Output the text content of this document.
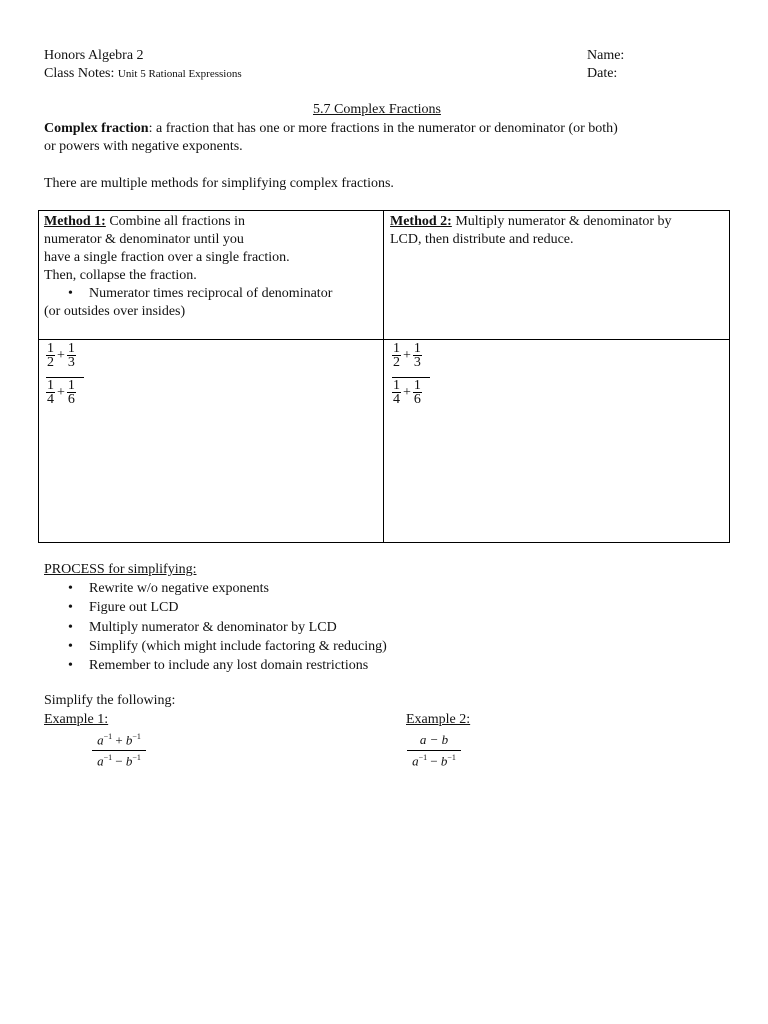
Honors Algebra 2
Class Notes: Unit 5 Rational Expressions
Name:
Date:
5.7 Complex Fractions
Complex fraction: a fraction that has one or more fractions in the numerator or denominator (or both)
or powers with negative exponents.
There are multiple methods for simplifying complex fractions.
Method 1: Combine all fractions in
numerator & denominator until you
have a single fraction over a single fraction.
Then, collapse the fraction.
• Numerator times reciprocal of denominator
(or outsides over insides)
Method 2: Multiply numerator & denominator by
LCD, then distribute and reduce.
1
$2 + \frac{1}{3}$
1
$4 + \frac{1}{6}$
1
$2 + \frac{1}{3}$
1
$4 + \frac{1}{6}$
PROCESS for simplifying:
• Rewrite w/o negative exponents
• Figure out LCD
• Multiply numerator & denominator by LCD
• Simplify (which might include factoring & reducing)
• Remember to include any lost domain restrictions
Simplify the following:
Example 1:	Example 2:
$a^{-1} + b^{-1}$
$a^{-1} - b^{-1}$
a − b
$a^{-1} - b^{-1}$
